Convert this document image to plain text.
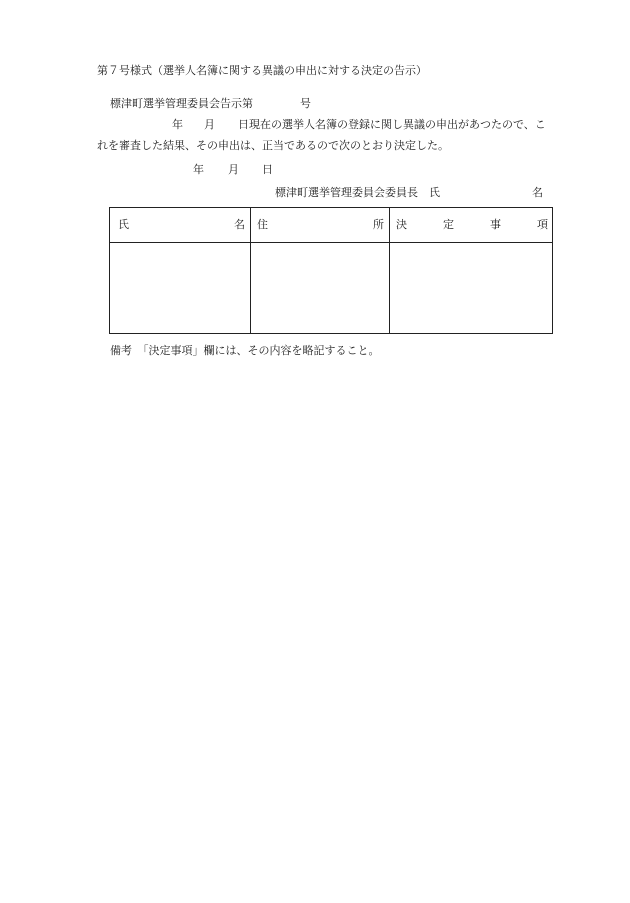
第７号様式（選挙人名簿に関する異議の申出に対する決定の告示）
標津町選挙管理委員会告示第	号
年 月 日現在の選挙人名簿の登録に関し異議の申出があつたので、こ
れを審査した結果、その申出は、正当であるので次のとおり決定した。
年 月 日
標津町選挙管理委員会委員長　氏	名
氏	名 住	所 決	定	事	項
備考　「決定事項」欄には、その内容を略記すること。
